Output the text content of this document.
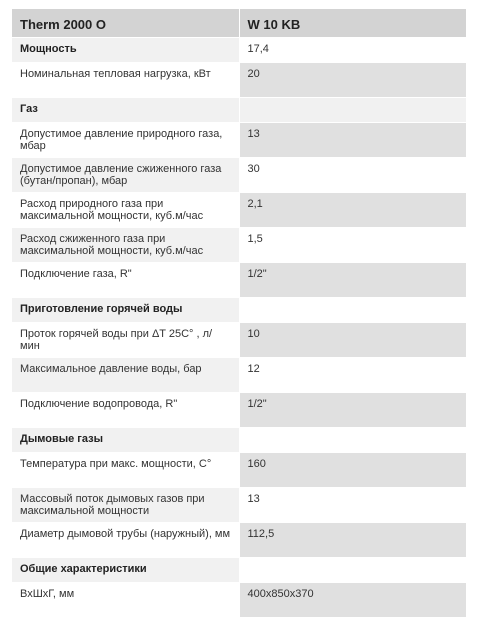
Therm 2000 O	W 10 KB
Мощность	17,4
Номинальная тепловая нагрузка, кВт	20
Газ	
Допустимое давление природного газа, мбар	13
Допустимое давление сжиженного газа (бутан/пропан), мбар	30
Расход природного газа при максимальной мощности, куб.м/час	2,1
Расход сжиженного газа при максимальной мощности, куб.м/час	1,5
Подключение газа, R"	1/2"
Приготовление горячей воды	
Проток горячей воды при ΔT 25С° , л/мин	10
Максимальное давление воды, бар	12
Подключение водопровода, R"	1/2"
Дымовые газы	
Температура при макс. мощности, С°	160
Массовый поток дымовых газов при максимальной мощности	13
Диаметр дымовой трубы (наружный), мм	112,5
Общие характеристики	
ВхШхГ, мм	400х850х370
